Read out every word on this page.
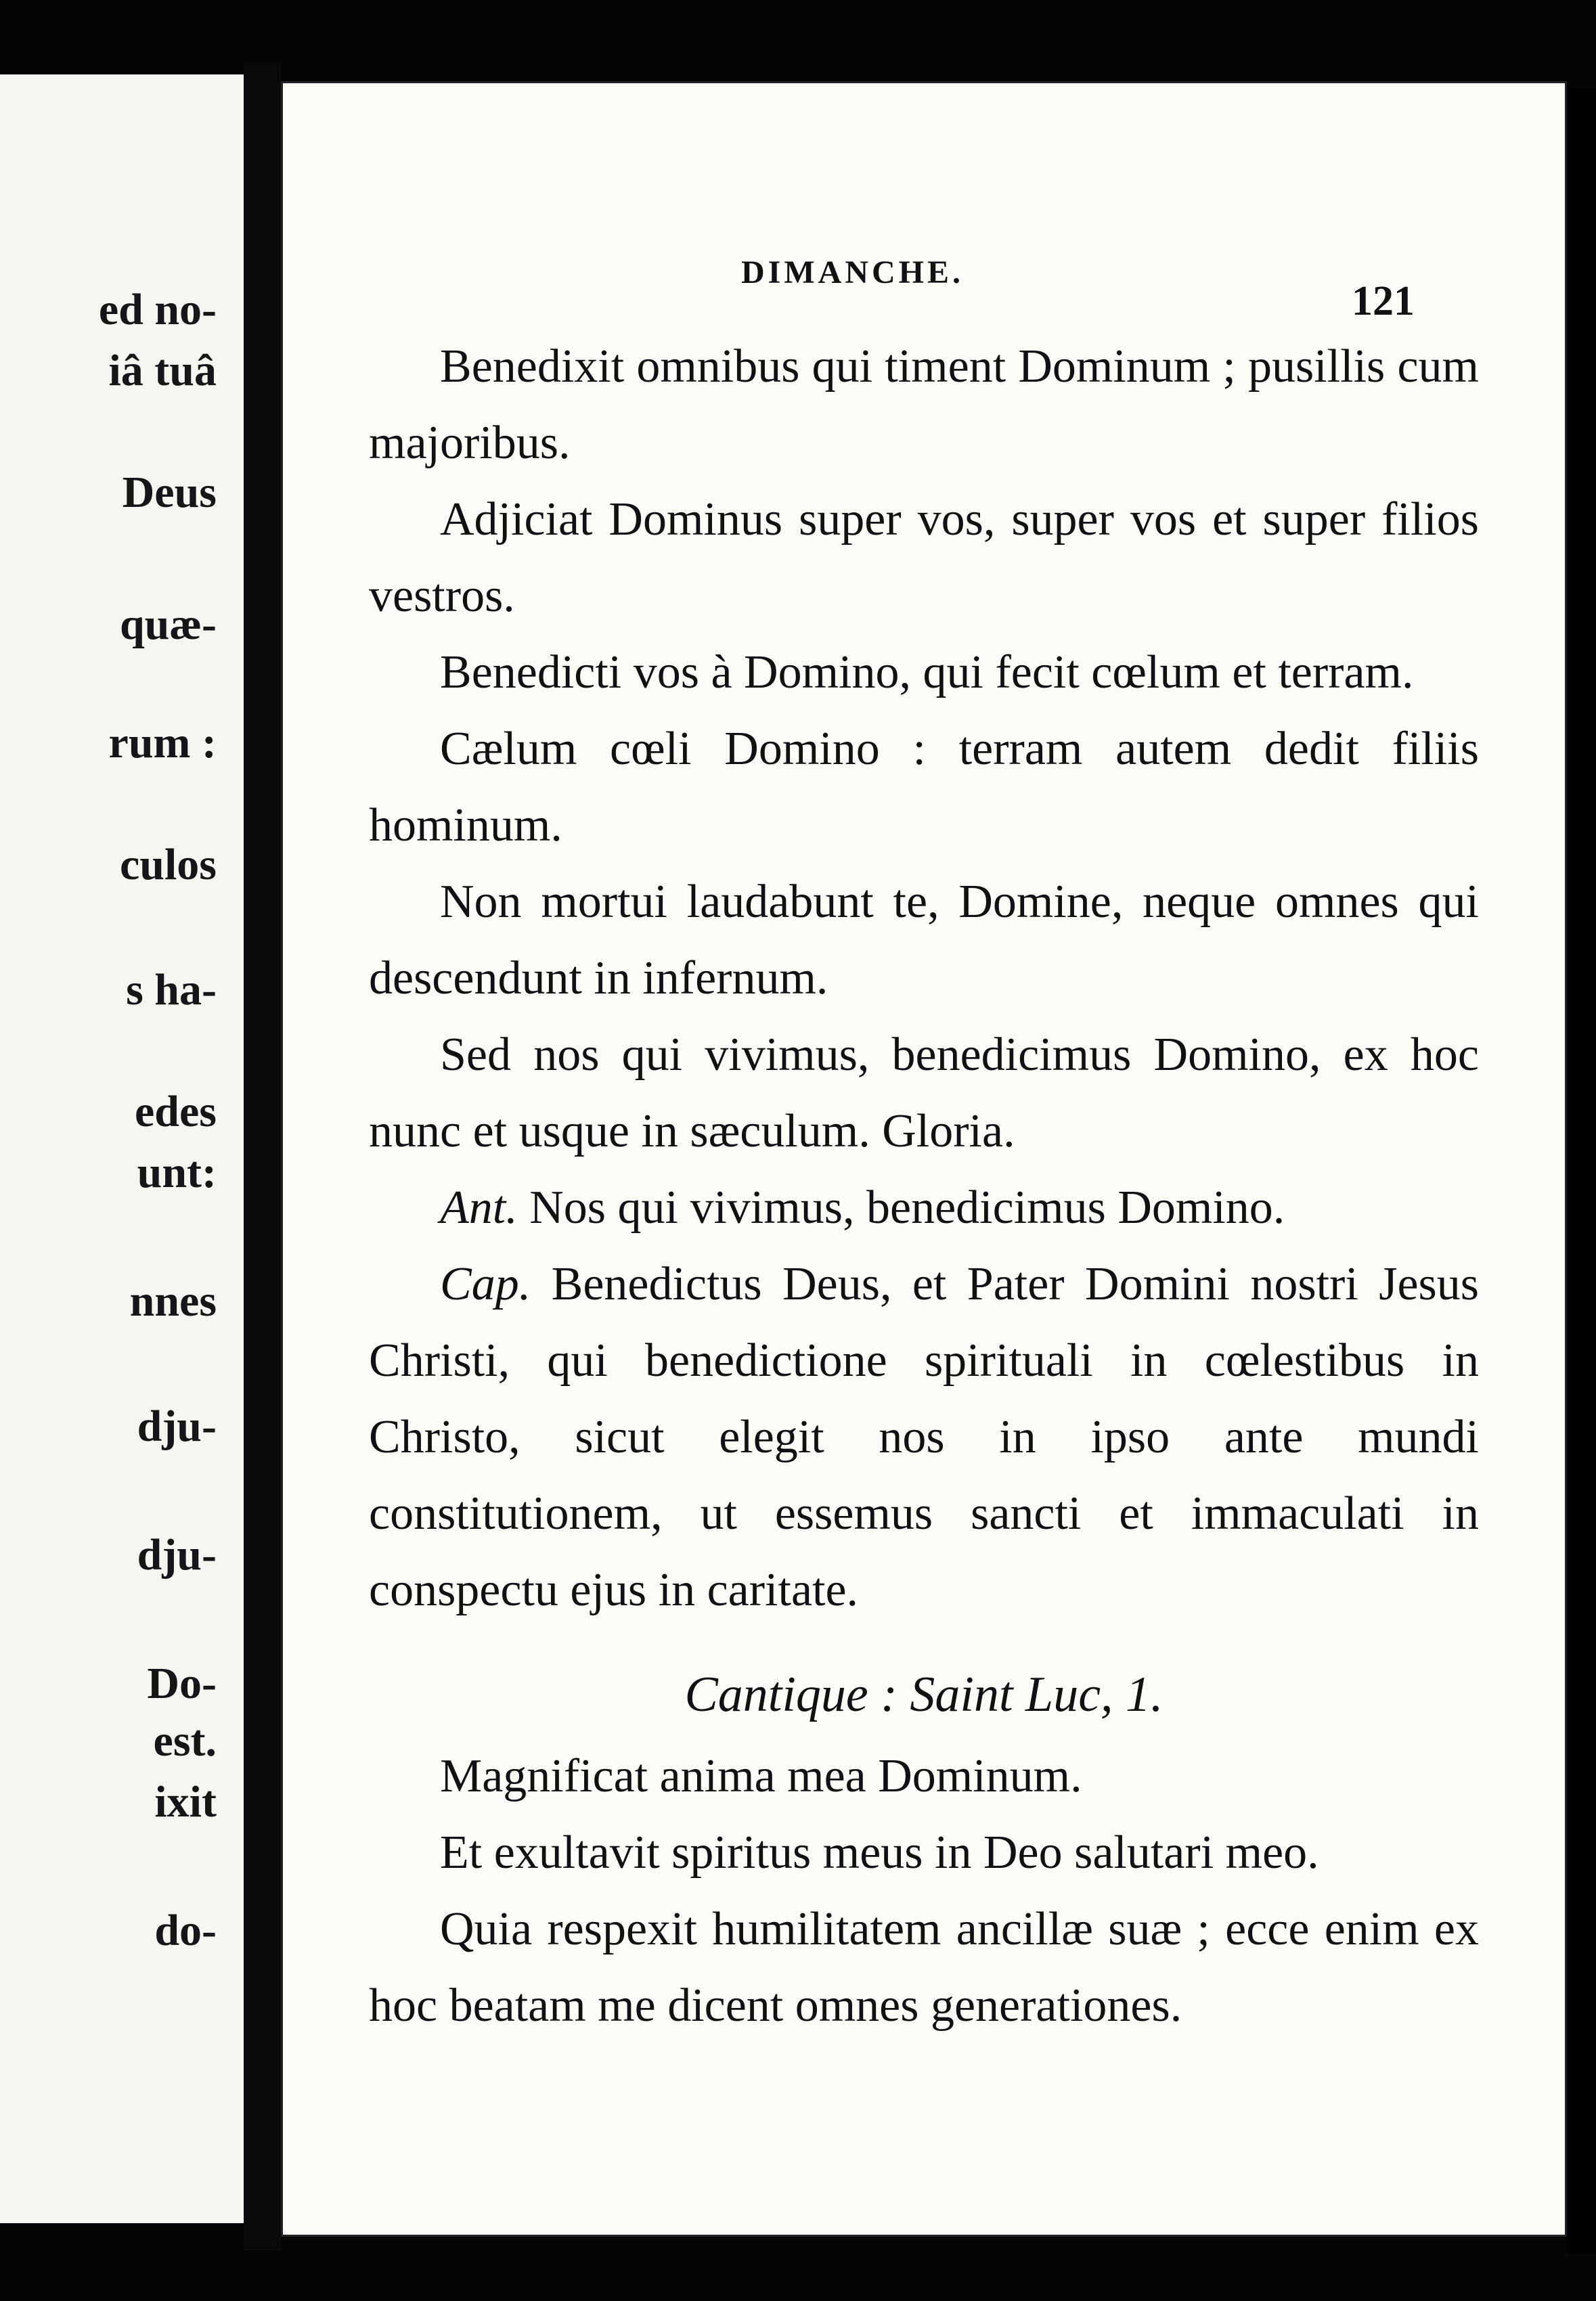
ed no-
iâ tuâ
Deus
quæ-
rum :
culos
s ha-
edes
unt:
nnes
dju-
dju-
Do-
est.
ixit
do-
DIMANCHE.
121

Benedixit omnibus qui timent Dominum ; pusillis cum majoribus.

Adjiciat Dominus super vos, super vos et super filios vestros.

Benedicti vos à Domino, qui fecit cœlum et terram.

Cælum cœli Domino : terram autem dedit filiis hominum.

Non mortui laudabunt te, Domine, neque omnes qui descendunt in infernum.

Sed nos qui vivimus, benedicimus Domino, ex hoc nunc et usque in sæculum. Gloria.

Ant. Nos qui vivimus, benedicimus Domino.

Cap. Benedictus Deus, et Pater Domini nostri Jesus Christi, qui benedictione spirituali in cœlestibus in Christo, sicut elegit nos in ipso ante mundi constitutionem, ut essemus sancti et immaculati in conspectu ejus in caritate.

Cantique : Saint Luc, 1.

Magnificat anima mea Dominum.

Et exultavit spiritus meus in Deo salutari meo.

Quia respexit humilitatem ancillæ suæ ; ecce enim ex hoc beatam me dicent omnes generationes.
